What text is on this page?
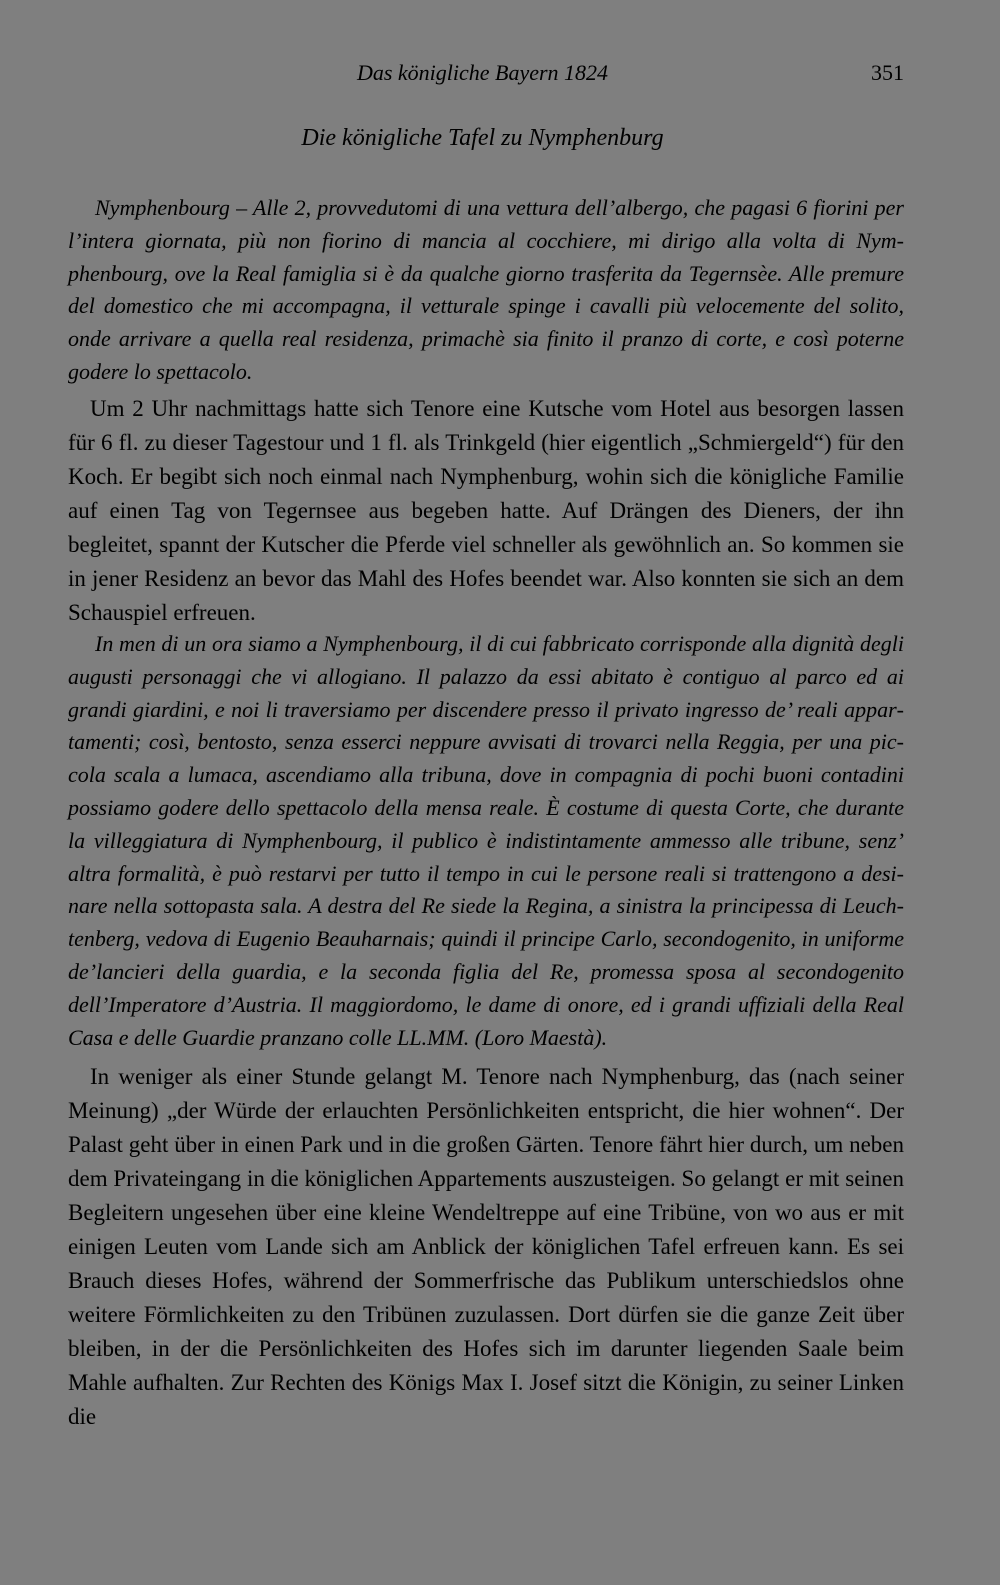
Das königliche Bayern 1824	351
Die königliche Tafel zu Nymphenburg

Nymphenbourg – Alle 2, provvedutomi di una vettura dell’albergo, che pagasi 6 fiorini per l’intera giornata, più non fiorino di mancia al cocchiere, mi dirigo alla volta di Nymphenbourg, ove la Real famiglia si è da qualche giorno trasferita da Tegernsèe. Alle premure del domestico che mi accompagna, il vetturale spinge i cavalli più velocemente del solito, onde arrivare a quella real residenza, primachè sia finito il pranzo di corte, e così poterne godere lo spettacolo.

Um 2 Uhr nachmittags hatte sich Tenore eine Kutsche vom Hotel aus besorgen lassen für 6 fl. zu dieser Tagestour und 1 fl. als Trinkgeld (hier eigentlich „Schmiergeld“) für den Koch. Er begibt sich noch einmal nach Nymphenburg, wohin sich die königliche Familie auf einen Tag von Tegernsee aus begeben hatte. Auf Drängen des Dieners, der ihn begleitet, spannt der Kutscher die Pferde viel schneller als gewöhnlich an. So kommen sie in jener Residenz an bevor das Mahl des Hofes beendet war. Also konnten sie sich an dem Schauspiel erfreuen.

In men di un ora siamo a Nymphenbourg, il di cui fabbricato corrisponde alla dignità degli augusti personaggi che vi allogiano. Il palazzo da essi abitato è contiguo al parco ed ai grandi giardini, e noi li traversiamo per discendere presso il privato ingresso de’ reali appartamenti; così, bentosto, senza esserci neppure avvisati di trovarci nella Reggia, per una piccola scala a lumaca, ascendiamo alla tribuna, dove in compagnia di pochi buoni contadini possiamo godere dello spettacolo della mensa reale. È costume di questa Corte, che durante la villeggiatura di Nymphenbourg, il publico è indistintamente ammesso alle tribune, senz’ altra formalità, è può restarvi per tutto il tempo in cui le persone reali si trattengono a desinare nella sottopasta sala. A destra del Re siede la Regina, a sinistra la principessa di Leuchtenberg, vedova di Eugenio Beauharnais; quindi il principe Carlo, secondogenito, in uniforme de’lancieri della guardia, e la seconda figlia del Re, promessa sposa al secondogenito dell’Imperatore d’Austria. Il maggiordomo, le dame di onore, ed i grandi uffiziali della Real Casa e delle Guardie pranzano colle LL.MM. (Loro Maestà).

In weniger als einer Stunde gelangt M. Tenore nach Nymphenburg, das (nach seiner Meinung) „der Würde der erlauchten Persönlichkeiten entspricht, die hier wohnen“. Der Palast geht über in einen Park und in die großen Gärten. Tenore fährt hier durch, um neben dem Privateingang in die königlichen Appartements auszusteigen. So gelangt er mit seinen Begleitern ungesehen über eine kleine Wendeltreppe auf eine Tribüne, von wo aus er mit einigen Leuten vom Lande sich am Anblick der königlichen Tafel erfreuen kann. Es sei Brauch dieses Hofes, während der Sommerfrische das Publikum unterschiedslos ohne weitere Förmlichkeiten zu den Tribünen zuzulassen. Dort dürfen sie die ganze Zeit über bleiben, in der die Persönlichkeiten des Hofes sich im darunter liegenden Saale beim Mahle aufhalten. Zur Rechten des Königs Max I. Josef sitzt die Königin, zu seiner Linken die
